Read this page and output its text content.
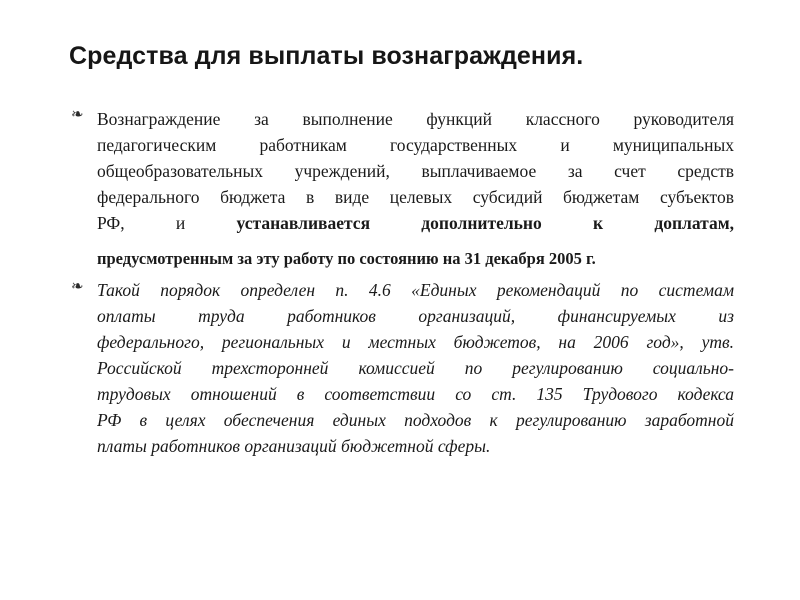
Средства для выплаты вознаграждения.
❧ Вознаграждение за выполнение функций классного руководителя
педагогическим работникам государственных и муниципальных
общеобразовательных учреждений, выплачиваемое за счет средств
федерального бюджета в виде целевых субсидий бюджетам субъектов
РФ, и	устанавливается дополнительно к доплатам,
предусмотренным за эту работу по состоянию на 31 декабря 2005 г.
❧ Такой порядок определен п. 4.6 «Единых рекомендаций по системам
оплаты труда работников организаций, финансируемых из
федерального, региональных и местных бюджетов, на 2006 год», утв.
Российской трехсторонней комиссией по регулированию социально-
трудовых отношений в соответствии со ст. 135 Трудового кодекса
РФ в целях обеспечения единых подходов к регулированию заработной
платы работников организаций бюджетной сферы.
